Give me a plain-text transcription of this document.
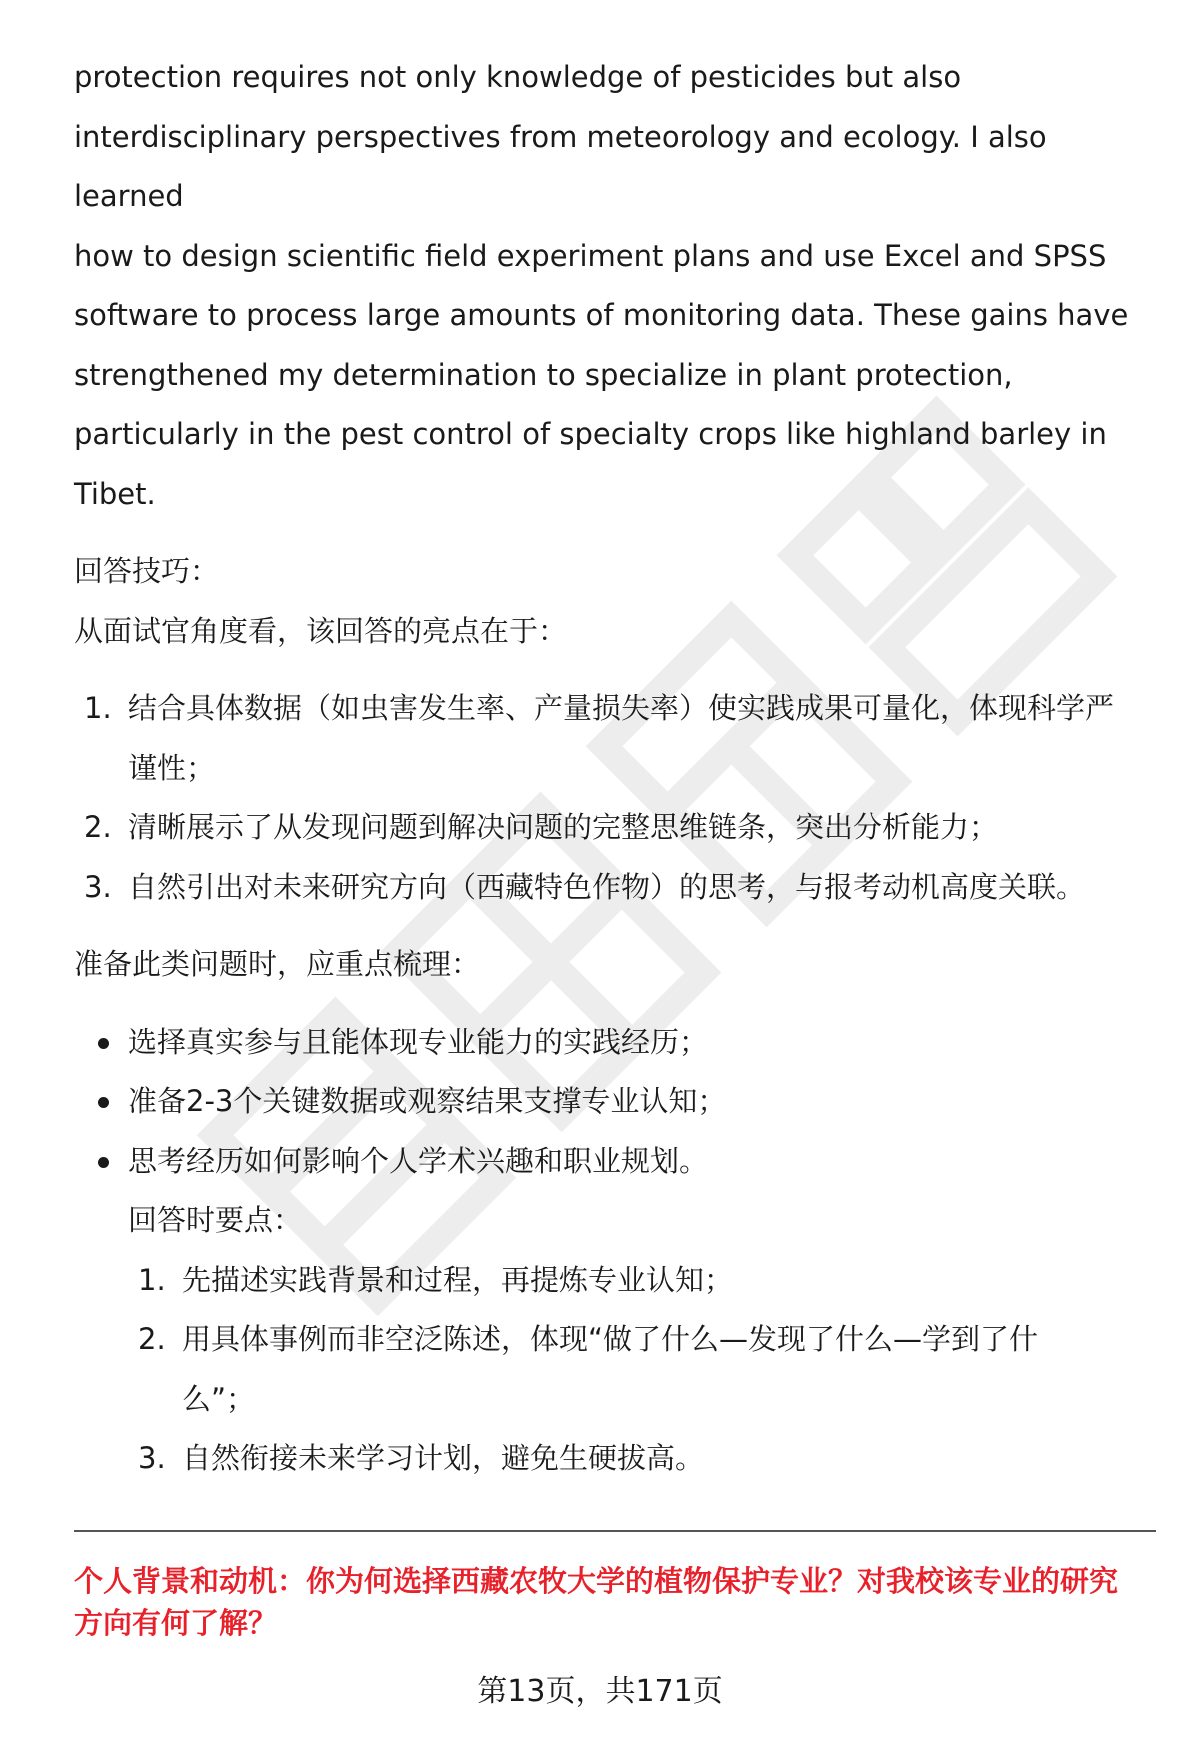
protection requires not only knowledge of pesticides but also

interdisciplinary perspectives from meteorology and ecology. I also learned

how to design scientific field experiment plans and use Excel and SPSS

software to process large amounts of monitoring data. These gains have

strengthened my determination to specialize in plant protection,

particularly in the pest control of specialty crops like highland barley in

Tibet.

回答技巧：

从面试官角度看，该回答的亮点在于：

1. 结合具体数据（如虫害发生率、产量损失率）使实践成果可量化，体现科学严
谨性；
2. 清晰展示了从发现问题到解决问题的完整思维链条，突出分析能力；
3. 自然引出对未来研究方向（西藏特色作物）的思考，与报考动机高度关联。

准备此类问题时，应重点梳理：

选择真实参与且能体现专业能力的实践经历；
准备2-3个关键数据或观察结果支撑专业认知；
思考经历如何影响个人学术兴趣和职业规划。

回答时要点：

1. 先描述实践背景和过程，再提炼专业认知；
2. 用具体事例而非空泛陈述，体现“做了什么—发现了什么—学到了什
么”；
3. 自然衔接未来学习计划，避免生硬拔高。
个人背景和动机：你为何选择西藏农牧大学的植物保护专业？对我校该专业的研究
方向有何了解？
第13页，共171页
